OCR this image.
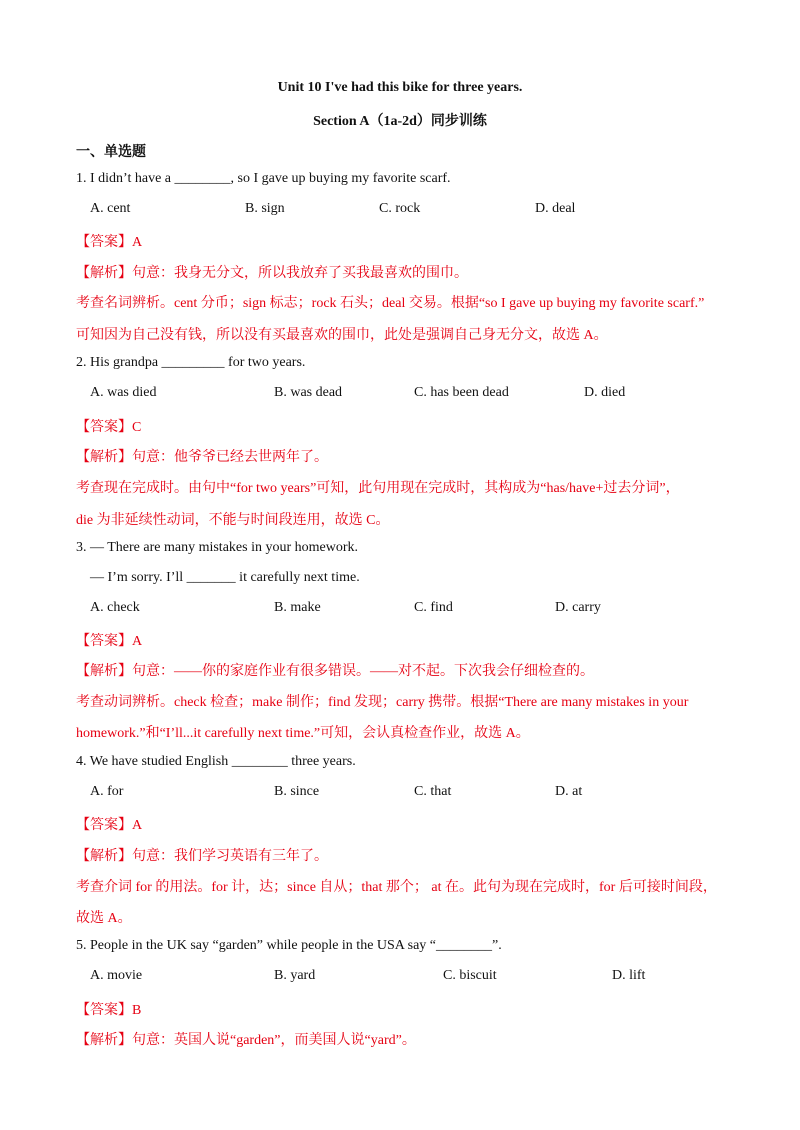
Unit 10 I've had this bike for three years.
Section A（1a-2d）同步训练
一、单选题
1. I didn’t have a ________, so I gave up buying my favorite scarf.
A. cent	B. sign	C. rock	D. deal
【答案】A
【解析】句意：我身无分文，所以我放弃了买我最喜欢的围巾。
考查名词辨析。cent 分币；sign 标志；rock 石头；deal 交易。根据“so I gave up buying my favorite scarf.”
可知因为自己没有钱，所以没有买最喜欢的围巾，此处是强调自己身无分文，故选 A。
2. His grandpa _________ for two years.
A. was died	B. was dead	C. has been dead	D. died
【答案】C
【解析】句意：他爷爷已经去世两年了。
考查现在完成时。由句中“for two years”可知，此句用现在完成时，其构成为“has/have+过去分词”，
die 为非延续性动词，不能与时间段连用，故选 C。
3. — There are many mistakes in your homework.
— I’m sorry. I’ll _______ it carefully next time.
A. check	B. make	C. find	D. carry
【答案】A
【解析】句意：——你的家庭作业有很多错误。——对不起。下次我会仔细检查的。
考查动词辨析。check 检查；make 制作；find 发现；carry 携带。根据“There are many mistakes in your
homework.”和“I’ll...it carefully next time.”可知，会认真检查作业，故选 A。
4. We have studied English ________ three years.
A. for	B. since	C. that	D. at
【答案】A
【解析】句意：我们学习英语有三年了。
考查介词 for 的用法。for 计，达；since 自从；that 那个； at 在。此句为现在完成时，for 后可接时间段，
故选 A。
5. People in the UK say “garden” while people in the USA say “________”.
A. movie	B. yard	C. biscuit	D. lift
【答案】B
【解析】句意：英国人说“garden”，而美国人说“yard”。
